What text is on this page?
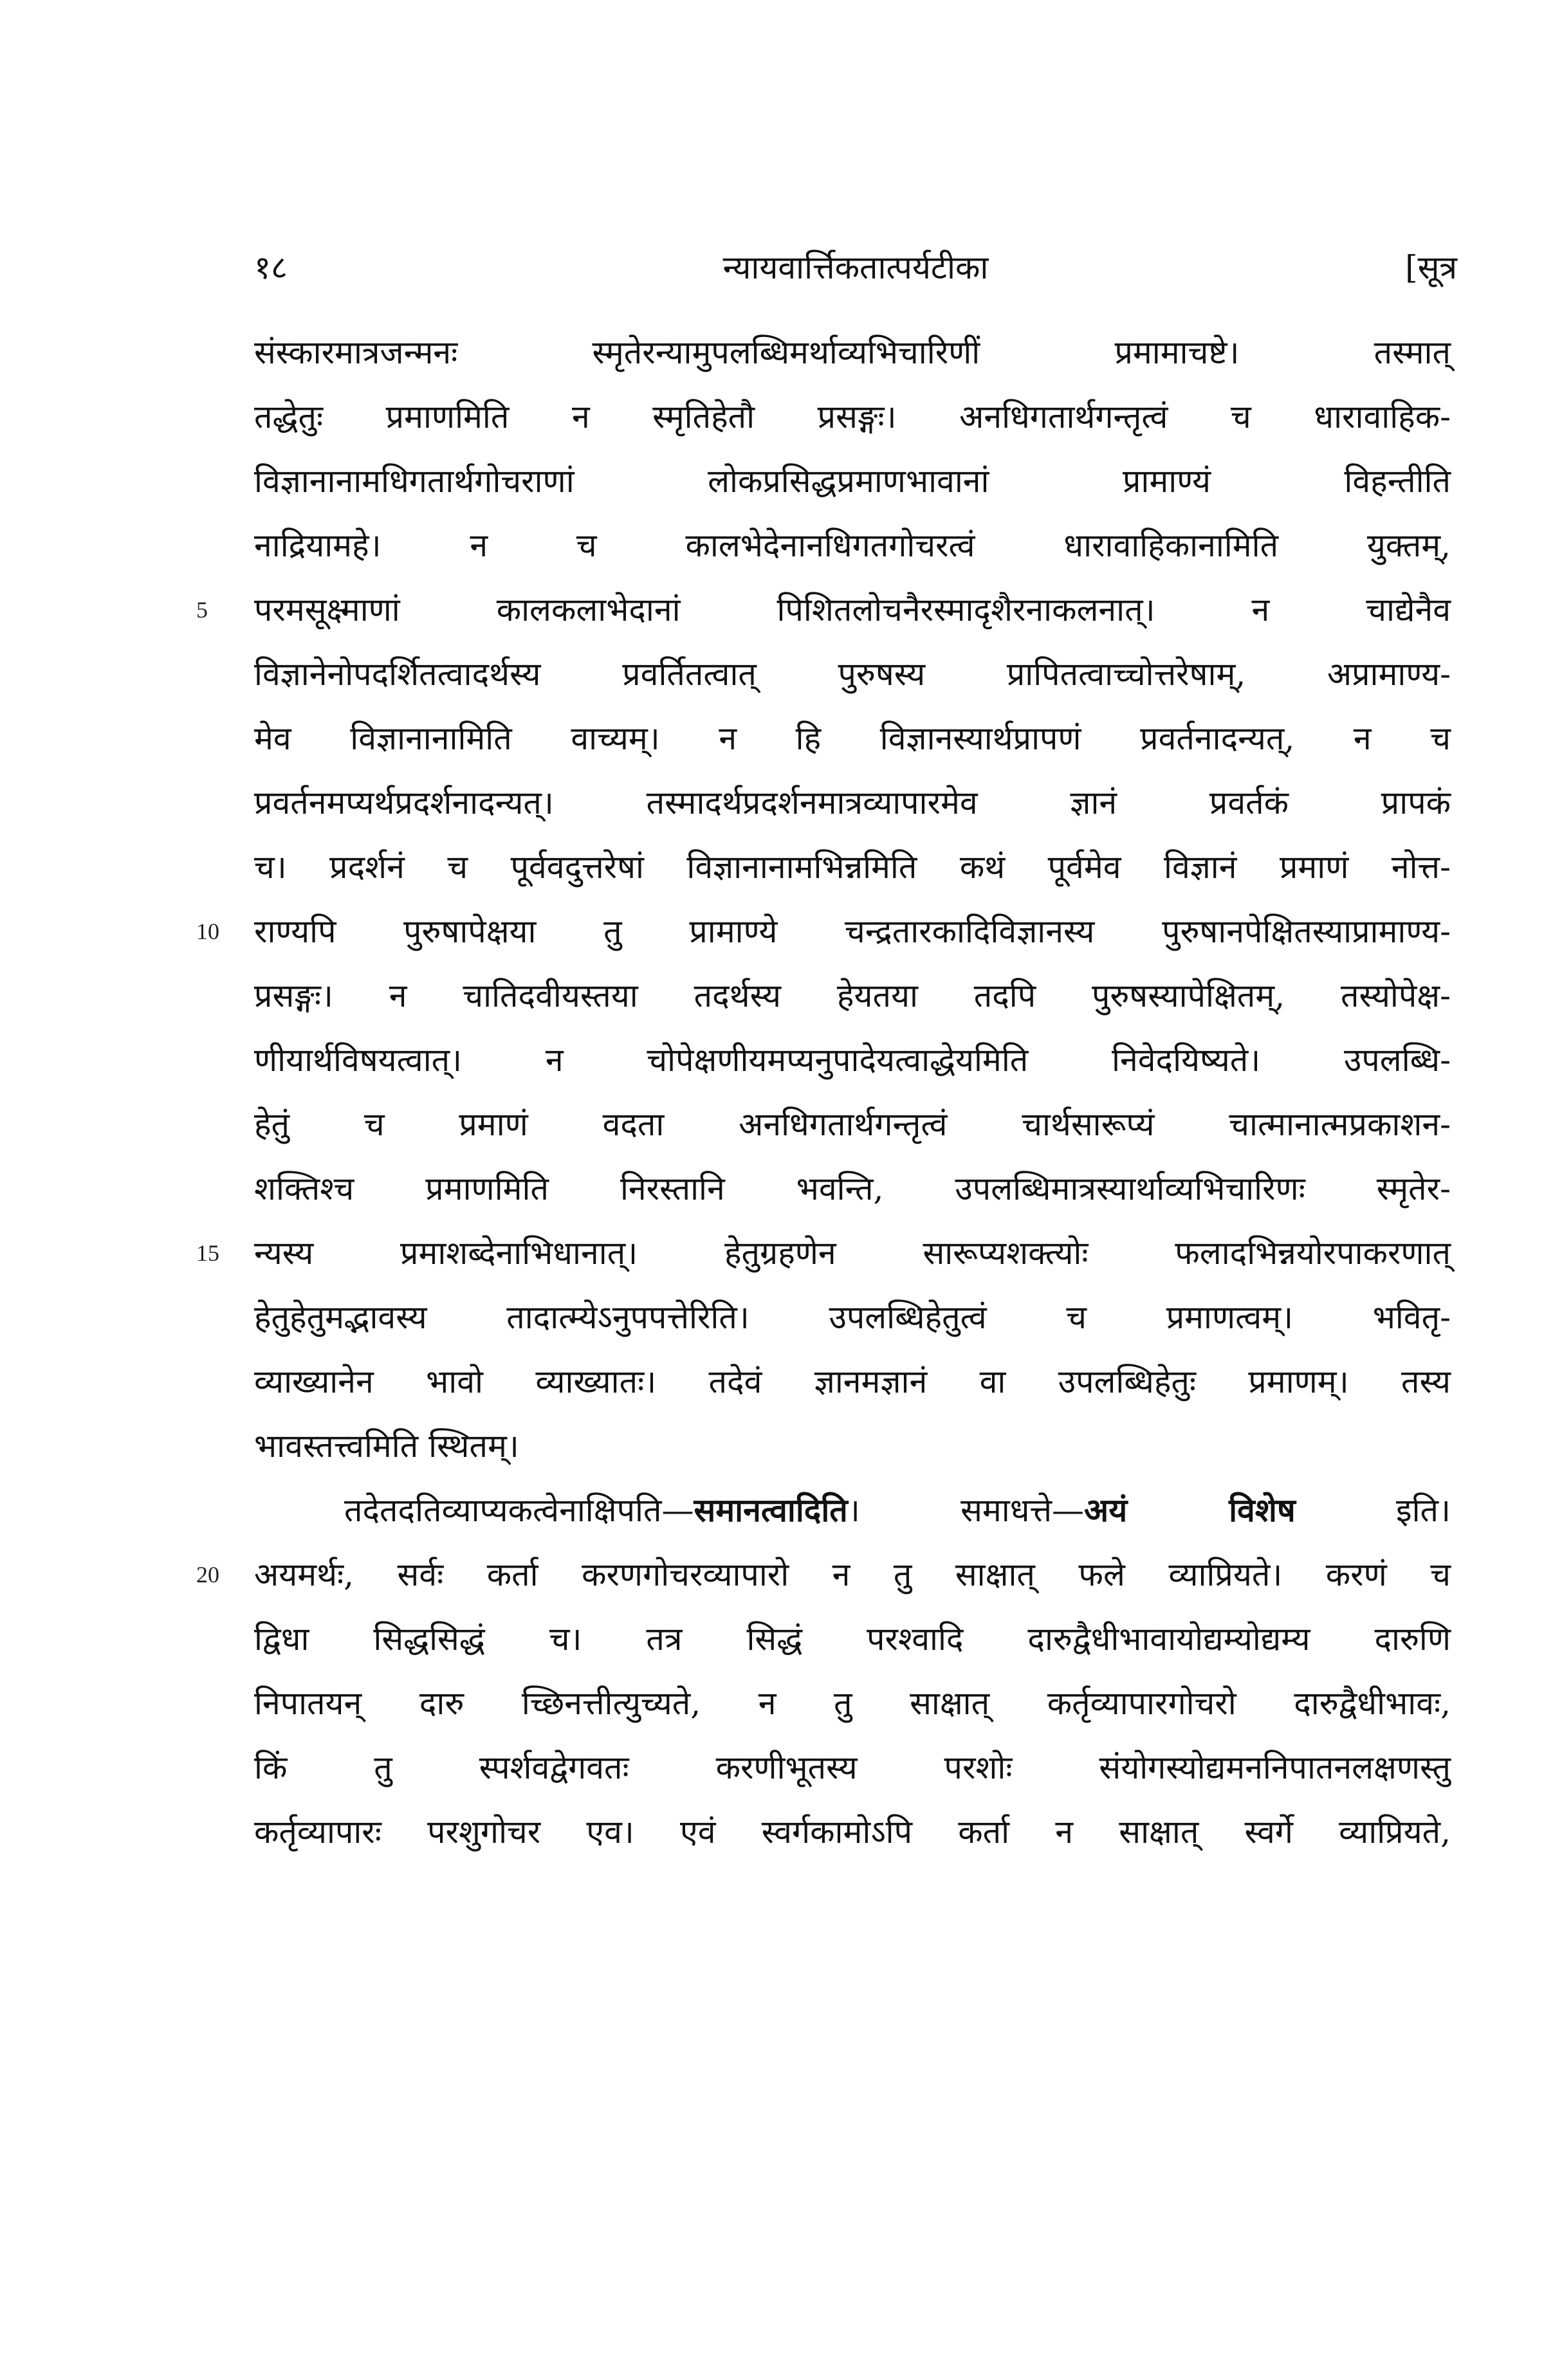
१८	न्यायवार्त्तिकतात्पर्यटीका	[सूत्र
संस्कारमात्रजन्मनः स्मृतेरन्यामुपलब्धिमर्थाव्यभिचारिणीं प्रमामाचष्टे। तस्मात्
तद्धेतुः प्रमाणमिति न स्मृतिहेतौ प्रसङ्गः। अनधिगतार्थगन्तृत्वं च धारावाहिक-
विज्ञानानामधिगतार्थगोचराणां लोकप्रसिद्धप्रमाणभावानां प्रामाण्यं विहन्तीति
नाद्रियामहे। न च कालभेदेनानधिगतगोचरत्वं धारावाहिकानामिति युक्तम्,
5	परमसूक्ष्माणां कालकलाभेदानां पिशितलोचनैरस्मादृशैरनाकलनात्। न चाद्येनैव
विज्ञानेनोपदर्शितत्वादर्थस्य प्रवर्तितत्वात् पुरुषस्य प्रापितत्वाच्चोत्तरेषाम्, अप्रामाण्य-
मेव विज्ञानानामिति वाच्यम्। न हि विज्ञानस्यार्थप्रापणं प्रवर्तनादन्यत्, न च
प्रवर्तनमप्यर्थप्रदर्शनादन्यत्। तस्मादर्थप्रदर्शनमात्रव्यापारमेव ज्ञानं प्रवर्तकं प्रापकं
च। प्रदर्शनं च पूर्ववदुत्तरेषां विज्ञानानामभिन्नमिति कथं पूर्वमेव विज्ञानं प्रमाणं नोत्त-
10	राण्यपि पुरुषापेक्षया तु प्रामाण्ये चन्द्रतारकादिविज्ञानस्य पुरुषानपेक्षितस्याप्रामाण्य-
प्रसङ्गः। न चातिदवीयस्तया तदर्थस्य हेयतया तदपि पुरुषस्यापेक्षितम्, तस्योपेक्ष-
णीयार्थविषयत्वात्। न चोपेक्षणीयमप्यनुपादेयत्वाद्धेयमिति निवेदयिष्यते। उपलब्धि-
हेतुं च प्रमाणं वदता अनधिगतार्थगन्तृत्वं चार्थसारूप्यं चात्मानात्मप्रकाशन-
शक्तिश्च प्रमाणमिति निरस्तानि भवन्ति, उपलब्धिमात्रस्यार्थाव्यभिचारिणः स्मृतेर-
15	न्यस्य प्रमाशब्देनाभिधानात्। हेतुग्रहणेन सारूप्यशक्त्योः फलादभिन्नयोरपाकरणात्
हेतुहेतुमद्भावस्य तादात्म्येऽनुपपत्तेरिति। उपलब्धिहेतुत्वं च प्रमाणत्वम्। भवितृ-
व्याख्यानेन भावो व्याख्यातः। तदेवं ज्ञानमज्ञानं वा उपलब्धिहेतुः प्रमाणम्। तस्य
भावस्तत्त्वमिति स्थितम्।
तदेतदतिव्याप्यकत्वेनाक्षिपति—समानत्वादिति। समाधत्ते—अयं विशेष इति।
20	अयमर्थः, सर्वः कर्ता करणगोचरव्यापारो न तु साक्षात् फले व्याप्रियते। करणं च
द्विधा सिद्धसिद्धं च। तत्र सिद्धं परश्वादि दारुद्वैधीभावायोद्यम्योद्यम्य दारुणि
निपातयन् दारु च्छिनत्तीत्युच्यते, न तु साक्षात् कर्तृव्यापारगोचरो दारुद्वैधीभावः,
किं तु स्पर्शवद्वेगवतः करणीभूतस्य परशोः संयोगस्योद्यमननिपातनलक्षणस्तु
कर्तृव्यापारः परशुगोचर एव। एवं स्वर्गकामोऽपि कर्ता न साक्षात् स्वर्गे व्याप्रियते,
